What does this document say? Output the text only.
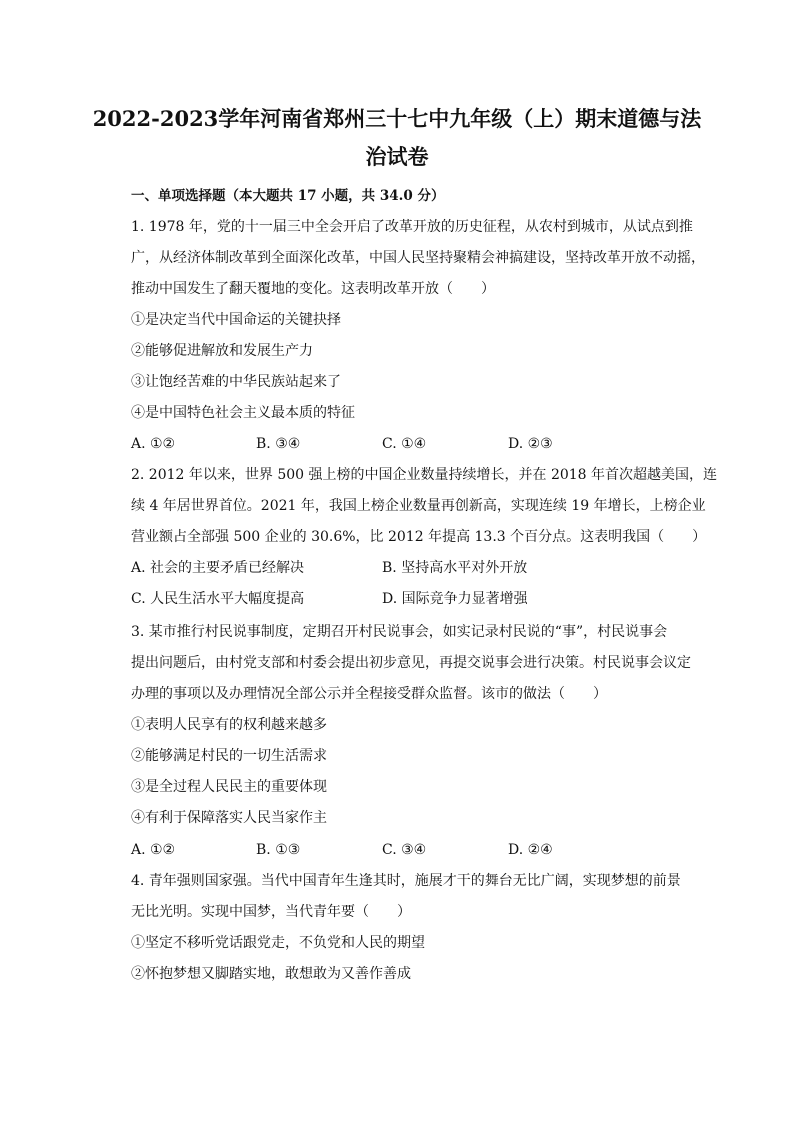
2022-2023学年河南省郑州三十七中九年级（上）期末道德与法
治试卷
一、单项选择题（本大题共 17 小题，共 34.0 分）
1. 1978 年，党的十一届三中全会开启了改革开放的历史征程，从农村到城市，从试点到推
广，从经济体制改革到全面深化改革，中国人民坚持聚精会神搞建设，坚持改革开放不动摇，
推动中国发生了翻天覆地的变化。这表明改革开放（　　）
①是决定当代中国命运的关键抉择
②能够促进解放和发展生产力
③让饱经苦难的中华民族站起来了
④是中国特色社会主义最本质的特征
A. ①②	B. ③④	C. ①④	D. ②③
2. 2012 年以来，世界 500 强上榜的中国企业数量持续增长，并在 2018 年首次超越美国，连
续 4 年居世界首位。2021 年，我国上榜企业数量再创新高，实现连续 19 年增长，上榜企业
营业额占全部强 500 企业的 30.6%，比 2012 年提高 13.3 个百分点。这表明我国（　　）
A. 社会的主要矛盾已经解决	B. 坚持高水平对外开放
C. 人民生活水平大幅度提高	D. 国际竞争力显著增强
3. 某市推行村民说事制度，定期召开村民说事会，如实记录村民说的“事”，村民说事会
提出问题后，由村党支部和村委会提出初步意见，再提交说事会进行决策。村民说事会议定
办理的事项以及办理情况全部公示并全程接受群众监督。该市的做法（　　）
①表明人民享有的权利越来越多
②能够满足村民的一切生活需求
③是全过程人民民主的重要体现
④有利于保障落实人民当家作主
A. ①②	B. ①③	C. ③④	D. ②④
4. 青年强则国家强。当代中国青年生逢其时，施展才干的舞台无比广阔，实现梦想的前景
无比光明。实现中国梦，当代青年要（　　）
①坚定不移听党话跟党走，不负党和人民的期望
②怀抱梦想又脚踏实地，敢想敢为又善作善成
